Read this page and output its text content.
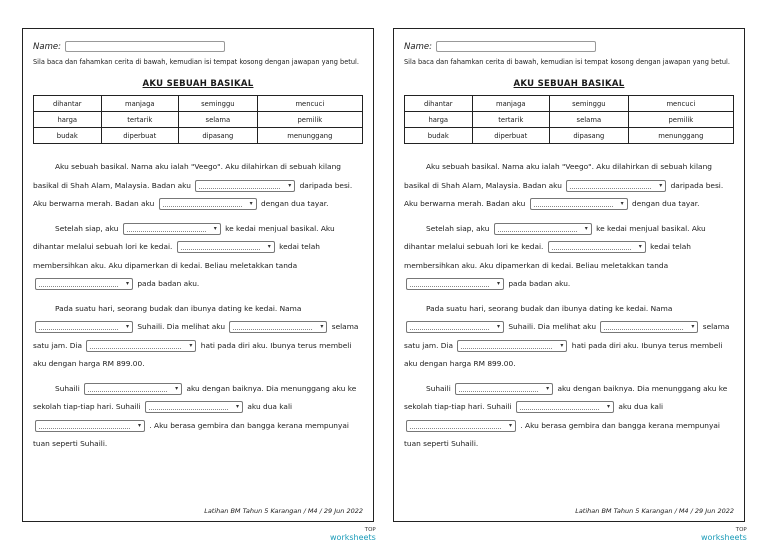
Name:
Sila baca dan fahamkan cerita di bawah, kemudian isi tempat kosong dengan jawapan yang betul.
AKU SEBUAH BASIKAL
dihantar	manjaga	seminggu	mencuci
harga	tertarik	selama	pemilik
budak	diperbuat	dipasang	menunggang

Aku sebuah basikal. Nama aku ialah "Veego". Aku dilahirkan di sebuah kilang basikal di Shah Alam, Malaysia. Badan aku	▾ daripada besi. Aku berwarna merah. Badan aku	▾ dengan dua tayar.

Setelah siap, aku	▾ ke kedai menjual basikal. Aku dihantar melalui sebuah lori ke kedai.	▾ kedai telah membersihkan aku. Aku dipamerkan di kedai. Beliau meletakkan tanda
▾ pada badan aku.

Pada suatu hari, seorang budak dan ibunya dating ke kedai. Nama
▾ Suhaili. Dia melihat aku	▾ selama satu jam. Dia	▾ hati pada diri aku. Ibunya terus membeli aku dengan harga RM 899.00.

Suhaili	▾ aku dengan baiknya. Dia menunggang aku ke sekolah tiap-tiap hari. Suhaili	▾ aku dua kali
▾ . Aku berasa gembira dan bangga kerana mempunyai tuan seperti Suhaili.

Latihan BM Tahun 5 Karangan / M4 / 29 Jun 2022
Name:
Sila baca dan fahamkan cerita di bawah, kemudian isi tempat kosong dengan jawapan yang betul.
AKU SEBUAH BASIKAL
dihantar	manjaga	seminggu	mencuci
harga	tertarik	selama	pemilik
budak	diperbuat	dipasang	menunggang

Aku sebuah basikal. Nama aku ialah "Veego". Aku dilahirkan di sebuah kilang basikal di Shah Alam, Malaysia. Badan aku	▾ daripada besi. Aku berwarna merah. Badan aku	▾ dengan dua tayar.

Setelah siap, aku	▾ ke kedai menjual basikal. Aku dihantar melalui sebuah lori ke kedai.	▾ kedai telah membersihkan aku. Aku dipamerkan di kedai. Beliau meletakkan tanda
▾ pada badan aku.

Pada suatu hari, seorang budak dan ibunya dating ke kedai. Nama
▾ Suhaili. Dia melihat aku	▾ selama satu jam. Dia	▾ hati pada diri aku. Ibunya terus membeli aku dengan harga RM 899.00.

Suhaili	▾ aku dengan baiknya. Dia menunggang aku ke sekolah tiap-tiap hari. Suhaili	▾ aku dua kali
▾ . Aku berasa gembira dan bangga kerana mempunyai tuan seperti Suhaili.

Latihan BM Tahun 5 Karangan / M4 / 29 Jun 2022
TOP
worksheets
TOP
worksheets
